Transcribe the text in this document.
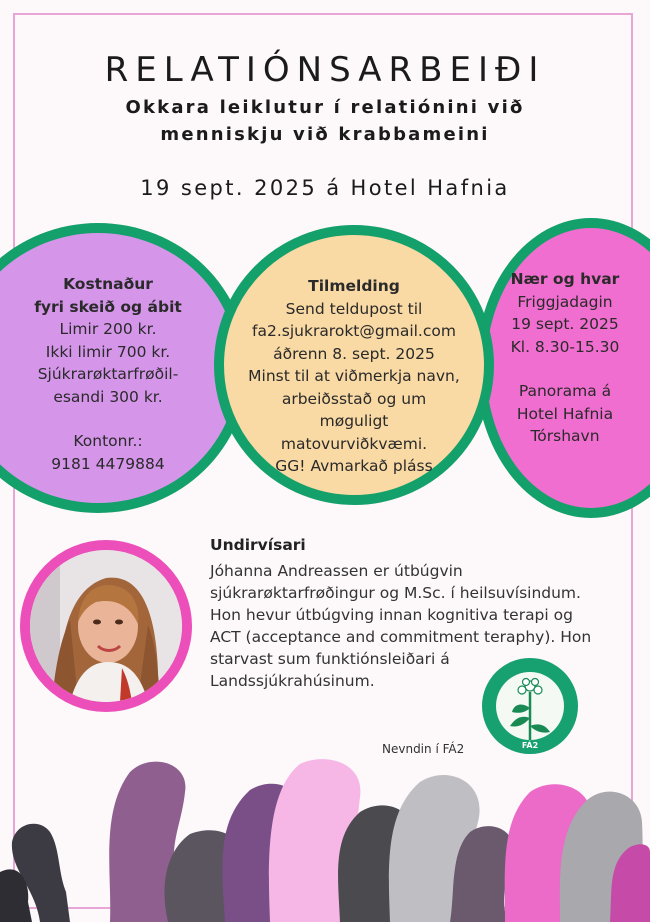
RELATIÓNSARBEIÐI
Okkara leiklutur í relatiónini við
menniskju við krabbameini
19 sept. 2025 á Hotel Hafnia
Kostnaður
fyri skeið og ábit
Limir 200 kr.
Ikki limir 700 kr.
Sjúkrarøktarfrøðil-
esandi 300 kr.
Kontonr.:
9181 4479884
Tilmelding
Send teldupost til
fa2.sjukrarokt@gmail.com
áðrenn 8. sept. 2025
Minst til at viðmerkja navn,
arbeiðsstað og um
møguligt
matovurviðkvæmi.
GG! Avmarkað pláss
Nær og hvar
Friggjadagin
19 sept. 2025
Kl. 8.30-15.30
Panorama á
Hotel Hafnia
Tórshavn
Undirvísari
Jóhanna Andreassen er útbúgvin
sjúkrarøktarfrøðingur og M.Sc. í heilsuvísindum.
Hon hevur útbúgving innan kognitiva terapi og
ACT (acceptance and commitment teraphy). Hon
starvast sum funktiónsleiðari á
Landssjúkrahúsinum.
FÁ2
Nevndin í FÁ2
